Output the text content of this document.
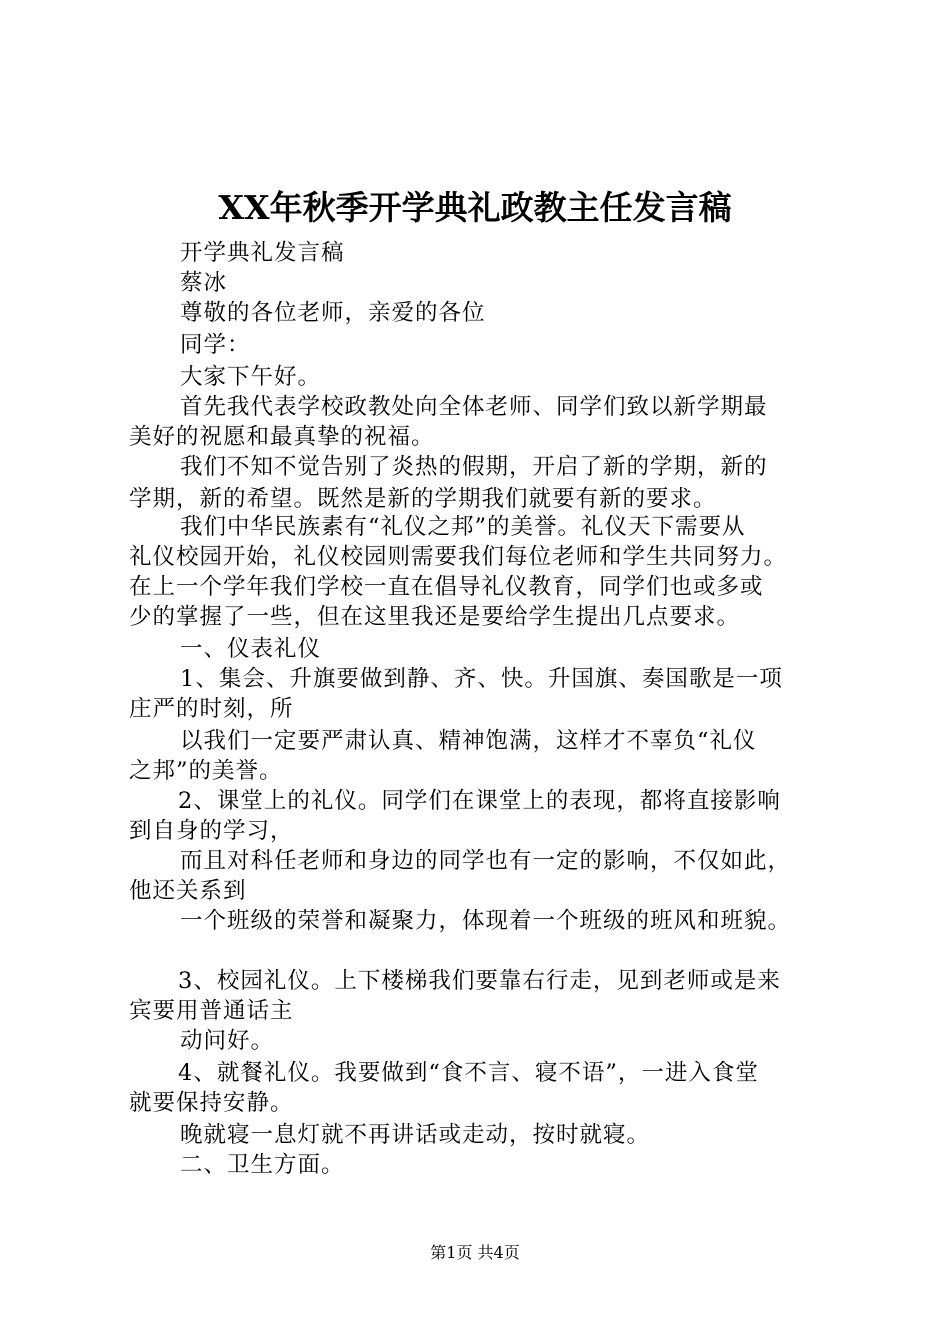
XX年秋季开学典礼政教主任发言稿
开学典礼发言稿
蔡冰
尊敬的各位老师，亲爱的各位
同学：
大家下午好。
首先我代表学校政教处向全体老师、同学们致以新学期最
美好的祝愿和最真挚的祝福。
我们不知不觉告别了炎热的假期，开启了新的学期，新的
学期，新的希望。既然是新的学期我们就要有新的要求。
我们中华民族素有“礼仪之邦”的美誉。礼仪天下需要从
礼仪校园开始，礼仪校园则需要我们每位老师和学生共同努力。
在上一个学年我们学校一直在倡导礼仪教育，同学们也或多或
少的掌握了一些，但在这里我还是要给学生提出几点要求。
一、仪表礼仪
1、集会、升旗要做到静、齐、快。升国旗、奏国歌是一项
庄严的时刻，所
以我们一定要严肃认真、精神饱满，这样才不辜负“礼仪
之邦”的美誉。
2、课堂上的礼仪。同学们在课堂上的表现，都将直接影响
到自身的学习，
而且对科任老师和身边的同学也有一定的影响，不仅如此，
他还关系到
一个班级的荣誉和凝聚力，体现着一个班级的班风和班貌。
3、校园礼仪。上下楼梯我们要靠右行走，见到老师或是来
宾要用普通话主
动问好。
4、就餐礼仪。我要做到“食不言、寝不语”，一进入食堂
就要保持安静。
晚就寝一息灯就不再讲话或走动，按时就寝。
二、卫生方面。
第1页 共4页
